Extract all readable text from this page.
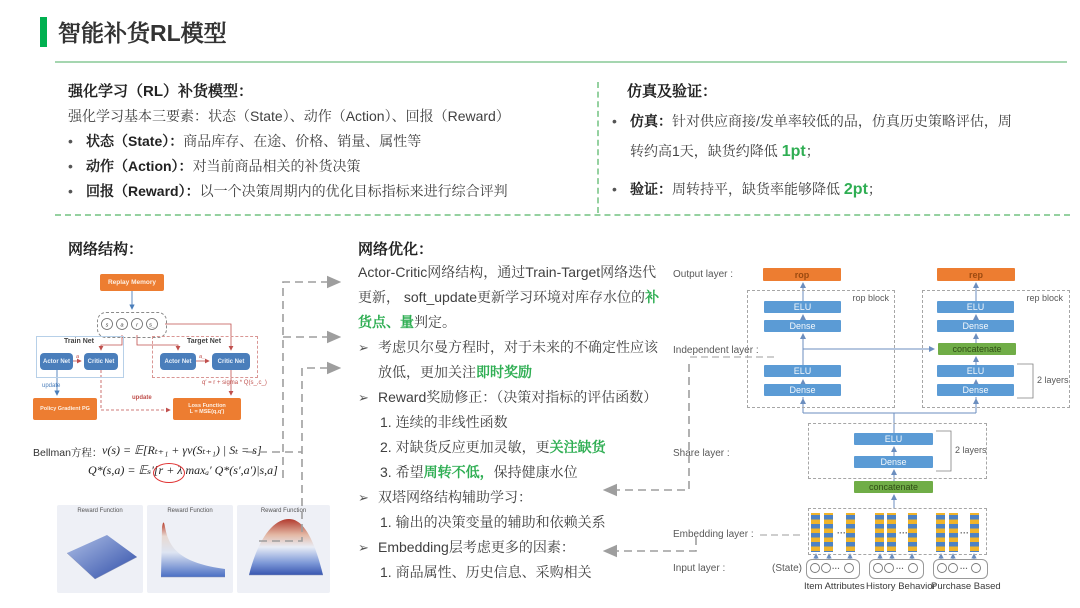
智能补货RL模型
强化学习（RL）补货模型：
强化学习基本三要素：状态（State）、动作（Action）、回报（Reward）
• 状态（State）：商品库存、在途、价格、销量、属性等
• 动作（Action）：对当前商品相关的补货决策
• 回报（Reward）：以一个决策周期内的优化目标指标来进行综合评判
仿真及验证：
• 仿真：针对供应商接/发单率较低的品，仿真历史策略评估，周
转约高1天，缺货约降低 1pt；
• 验证：周转持平，缺货率能够降低 2pt；
网络结构：	网络优化：
s a r s_
a	a_
Replay Memory
Train Net	Target Net
Actor Net	Critic Net	Actor Net	Critic Net
update
update
q′ = r + sigma * Q(s_,c_)
Policy Gradient PG	Loss Function
L = MSE(q,q′)
Bellman方程： v(s) = 𝔼[Rₜ₊₁ + γv(Sₜ₊₁) | Sₜ = s]
Q*(s,a) = 𝔼ₛ′[r + λ maxₐ′ Q*(s′,a′)|s,a]
Reward Function	Reward Function	Reward Function
Actor-Critic网络结构，通过Train-Target网络迭代
更新， soft_update更新学习环境对库存水位的补
货点、量判定。
➢ 考虑贝尔曼方程时，对于未来的不确定性应该
放低，更加关注即时奖励
➢ Reward奖励修正：（决策对指标的评估函数）
1. 连续的非线性函数
2. 对缺货反应更加灵敏，更关注缺货
3. 希望周转不低，保持健康水位
➢ 双塔网络结构辅助学习：
1. 输出的决策变量的辅助和依赖关系
➢ Embedding层考虑更多的因素：
1. 商品属性、历史信息、采购相关
···	···	···
···	···	···
rop block	rep block
2 layers
2 layers
Output layer :
Independent layer :
Share layer :
Embedding layer :
Input layer :	(State)
rop	rep
ELU
Dense
ELU
Dense
ELU
Dense
concatenate
ELU
Dense
ELU
Dense
concatenate
Item Attributes History Behavior
Purchase Based
